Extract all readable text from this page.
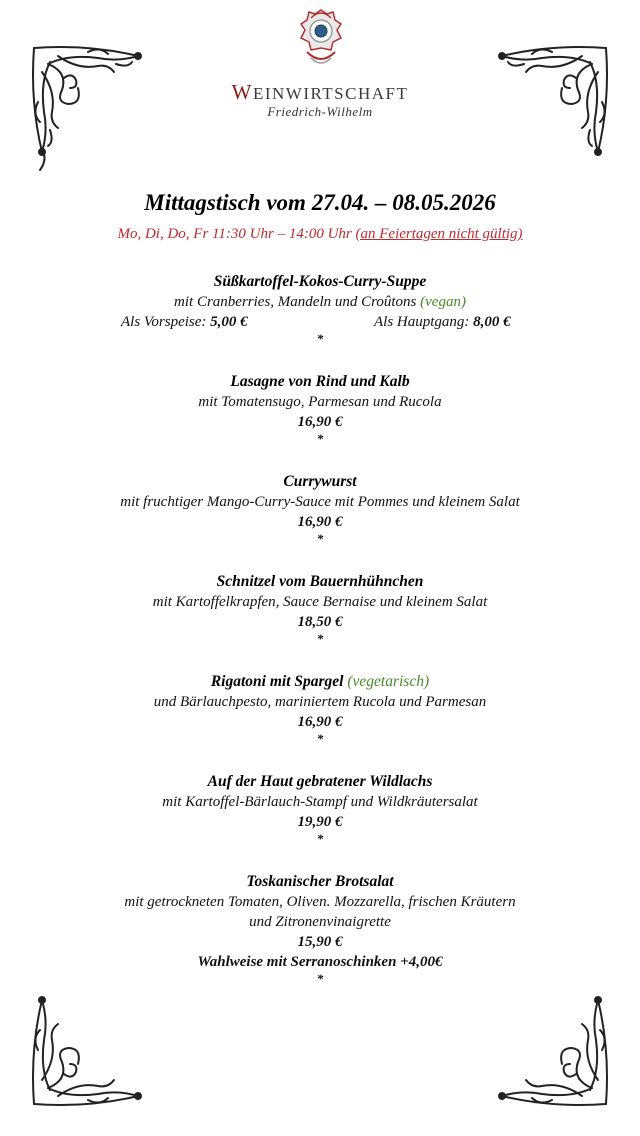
WEINWIRTSCHAFT
Friedrich-Wilhelm
Mittagstisch vom 27.04. – 08.05.2026
Mo, Di, Do, Fr 11:30 Uhr – 14:00 Uhr (an Feiertagen nicht gültig)
Süßkartoffel-Kokos-Curry-Suppe
mit Cranberries, Mandeln und Croûtons (vegan)
Als Vorspeise: 5,00 €	Als Hauptgang: 8,00 €
*
Lasagne von Rind und Kalb
mit Tomatensugo, Parmesan und Rucola
16,90 €
*
Currywurst
mit fruchtiger Mango-Curry-Sauce mit Pommes und kleinem Salat
16,90 €
*
Schnitzel vom Bauernhühnchen
mit Kartoffelkrapfen, Sauce Bernaise und kleinem Salat
18,50 €
*
Rigatoni mit Spargel (vegetarisch)
und Bärlauchpesto, mariniertem Rucola und Parmesan
16,90 €
*
Auf der Haut gebratener Wildlachs
mit Kartoffel-Bärlauch-Stampf und Wildkräutersalat
19,90 €
*
Toskanischer Brotsalat
mit getrockneten Tomaten, Oliven. Mozzarella, frischen Kräutern
und Zitronenvinaigrette
15,90 €
Wahlweise mit Serranoschinken +4,00€
*
